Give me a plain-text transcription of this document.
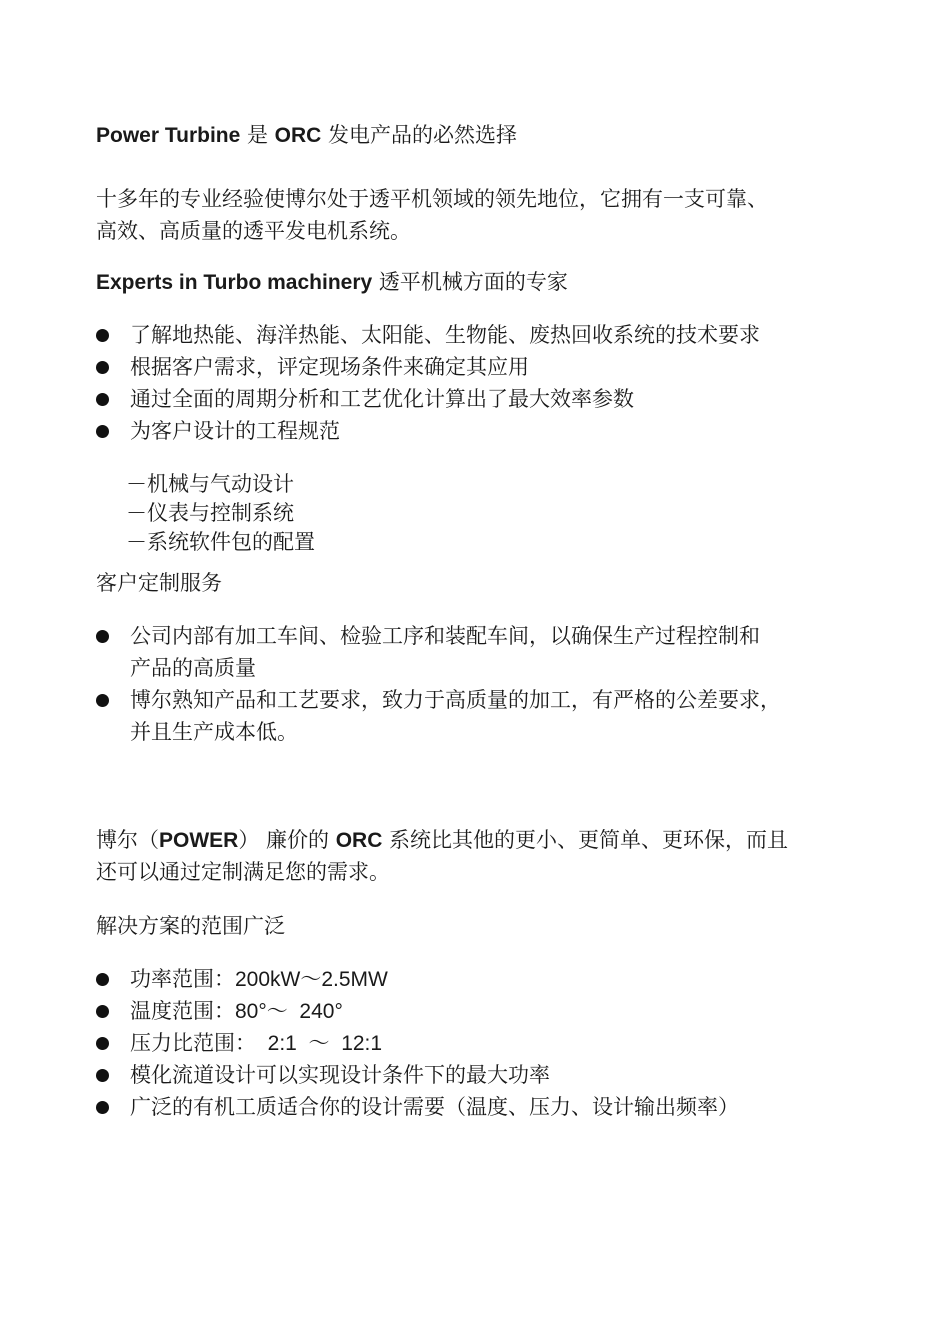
Power Turbine 是 ORC 发电产品的必然选择
十多年的专业经验使博尔处于透平机领域的领先地位，它拥有一支可靠、
高效、高质量的透平发电机系统。
Experts in Turbo machinery 透平机械方面的专家
了解地热能、海洋热能、太阳能、生物能、废热回收系统的技术要求
根据客户需求，评定现场条件来确定其应用
通过全面的周期分析和工艺优化计算出了最大效率参数
为客户设计的工程规范
－机械与气动设计
－仪表与控制系统
－系统软件包的配置
客户定制服务
公司内部有加工车间、检验工序和装配车间，以确保生产过程控制和
产品的高质量
博尔熟知产品和工艺要求，致力于高质量的加工，有严格的公差要求，
并且生产成本低。
博尔（POWER） 廉价的 ORC 系统比其他的更小、更简单、更环保，而且
还可以通过定制满足您的需求。
解决方案的范围广泛
功率范围：200kW～2.5MW
温度范围：80°～  240°
压力比范围：  2:1  ～  12:1
模化流道设计可以实现设计条件下的最大功率
广泛的有机工质适合你的设计需要（温度、压力、设计输出频率）
